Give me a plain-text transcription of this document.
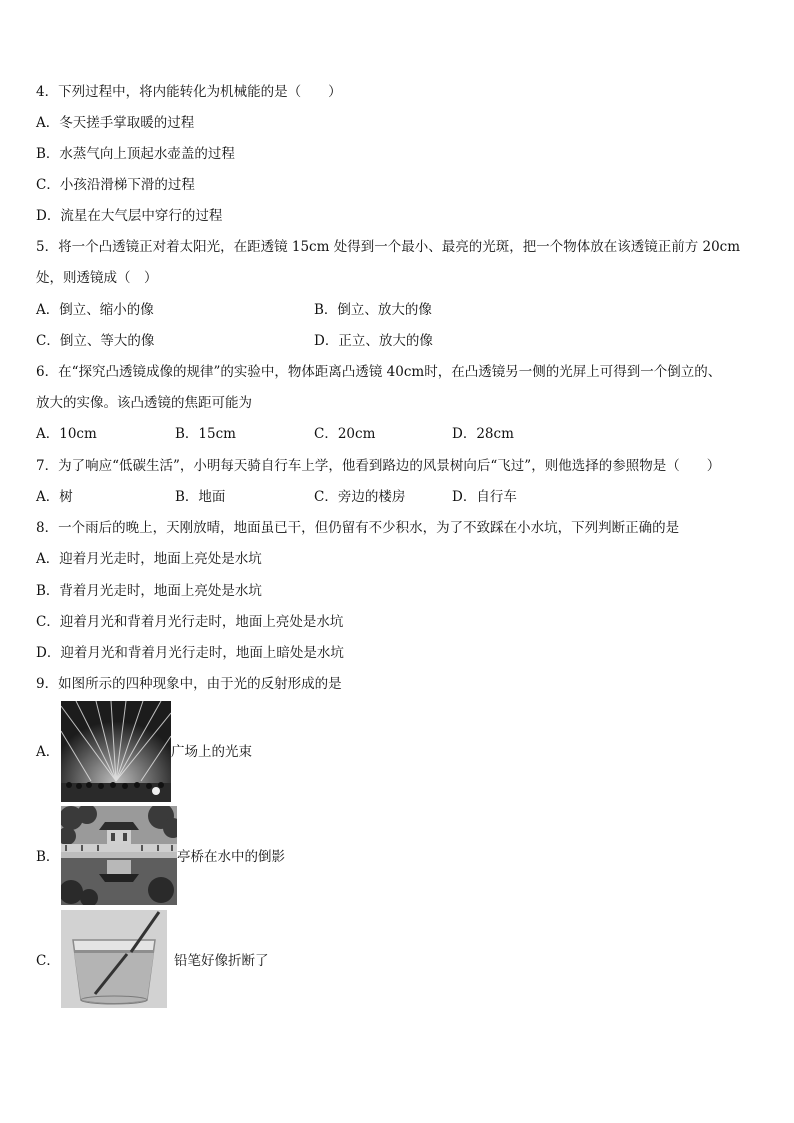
4．下列过程中，将内能转化为机械能的是（　　）
A．冬天搓手掌取暖的过程
B．水蒸气向上顶起水壶盖的过程
C．小孩沿滑梯下滑的过程
D．流星在大气层中穿行的过程
5．将一个凸透镜正对着太阳光，在距透镜 15cm 处得到一个最小、最亮的光斑，把一个物体放在该透镜正前方 20cm
处，则透镜成（　）
A．倒立、缩小的像	B．倒立、放大的像
C．倒立、等大的像	D．正立、放大的像
6．在“探究凸透镜成像的规律”的实验中，物体距离凸透镜 40cm时，在凸透镜另一侧的光屏上可得到一个倒立的、
放大的实像。该凸透镜的焦距可能为
A．10cm	B．15cm	C．20cm	D．28cm
7．为了响应“低碳生活”，小明每天骑自行车上学，他看到路边的风景树向后“飞过”，则他选择的参照物是（　　）
A．树	B．地面	C．旁边的楼房	D．自行车
8．一个雨后的晚上，天刚放晴，地面虽已干，但仍留有不少积水，为了不致踩在小水坑，下列判断正确的是
A．迎着月光走时，地面上亮处是水坑
B．背着月光走时，地面上亮处是水坑
C．迎着月光和背着月光行走时，地面上亮处是水坑
D．迎着月光和背着月光行走时，地面上暗处是水坑
9．如图所示的四种现象中，由于光的反射形成的是
A．	广场上的光束
B．	亭桥在水中的倒影
C．	铅笔好像折断了
